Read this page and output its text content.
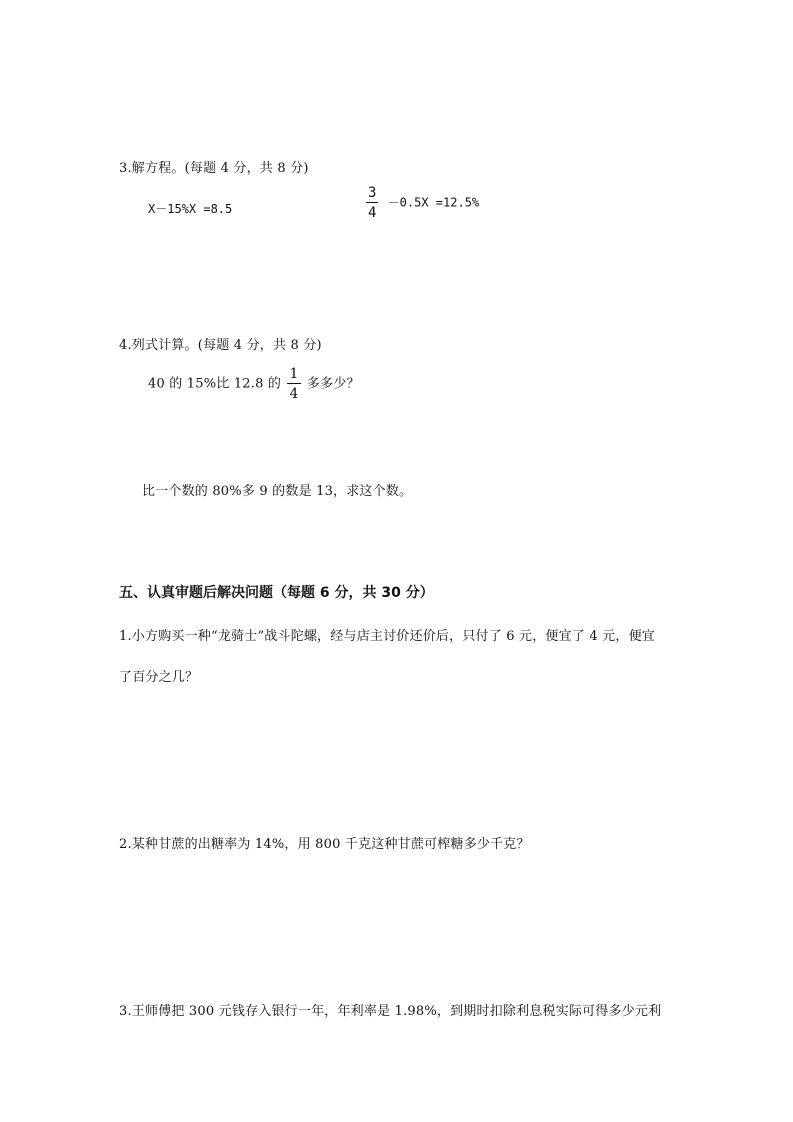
3.解方程。(每题 4 分，共 8 分)
X－15%X =8.5	$\frac{3}{4} -0.5X =12.5\%$
4.列式计算。(每题 4 分，共 8 分)
40 的 15%比 12.8 的 $\frac{1}{4}$ 多多少？
比一个数的 80%多 9 的数是 13，求这个数。
五、认真审题后解决问题（每题 6 分，共 30 分）
1.小方购买一种“龙骑士”战斗陀螺，经与店主讨价还价后，只付了 6 元，便宜了 4 元，便宜
了百分之几？
2.某种甘蔗的出糖率为 14%，用 800 千克这种甘蔗可榨糖多少千克？
3.王师傅把 300 元钱存入银行一年，年利率是 1.98%，到期时扣除利息税实际可得多少元利
